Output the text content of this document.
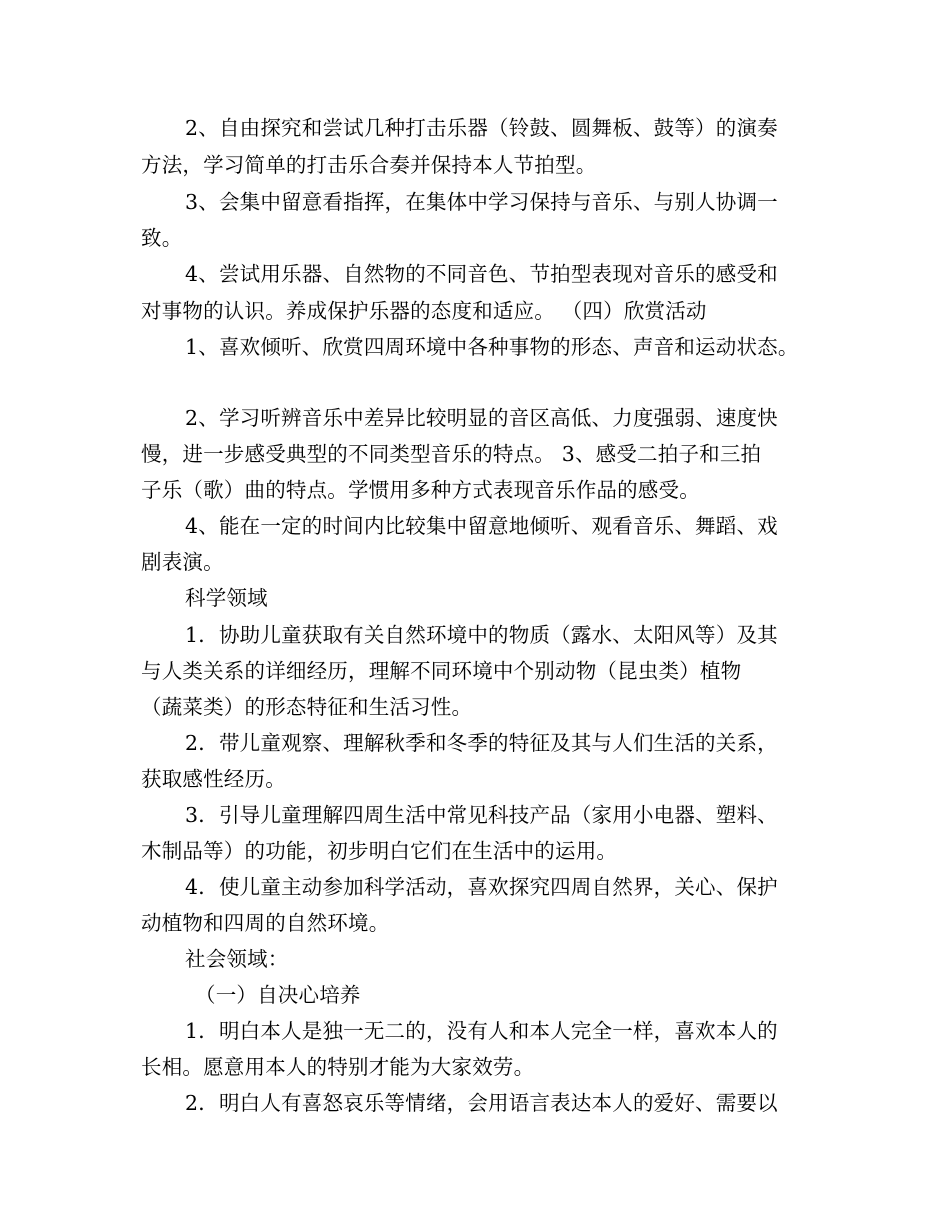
2、自由探究和尝试几种打击乐器（铃鼓、圆舞板、鼓等）的演奏
方法，学习简单的打击乐合奏并保持本人节拍型。
3、会集中留意看指挥，在集体中学习保持与音乐、与别人协调一
致。
4、尝试用乐器、自然物的不同音色、节拍型表现对音乐的感受和
对事物的认识。养成保护乐器的态度和适应。 （四）欣赏活动
1、喜欢倾听、欣赏四周环境中各种事物的形态、声音和运动状态。
2、学习听辨音乐中差异比较明显的音区高低、力度强弱、速度快
慢，进一步感受典型的不同类型音乐的特点。 3、感受二拍子和三拍
子乐（歌）曲的特点。学惯用多种方式表现音乐作品的感受。
4、能在一定的时间内比较集中留意地倾听、观看音乐、舞蹈、戏
剧表演。
科学领域
1．协助儿童获取有关自然环境中的物质（露水、太阳风等）及其
与人类关系的详细经历，理解不同环境中个别动物（昆虫类）植物
（蔬菜类）的形态特征和生活习性。
2．带儿童观察、理解秋季和冬季的特征及其与人们生活的关系，
获取感性经历。
3．引导儿童理解四周生活中常见科技产品（家用小电器、塑料、
木制品等）的功能，初步明白它们在生活中的运用。
4．使儿童主动参加科学活动，喜欢探究四周自然界，关心、保护
动植物和四周的自然环境。
社会领域：
（一）自决心培养
1．明白本人是独一无二的，没有人和本人完全一样，喜欢本人的
长相。愿意用本人的特别才能为大家效劳。
2．明白人有喜怒哀乐等情绪，会用语言表达本人的爱好、需要以
